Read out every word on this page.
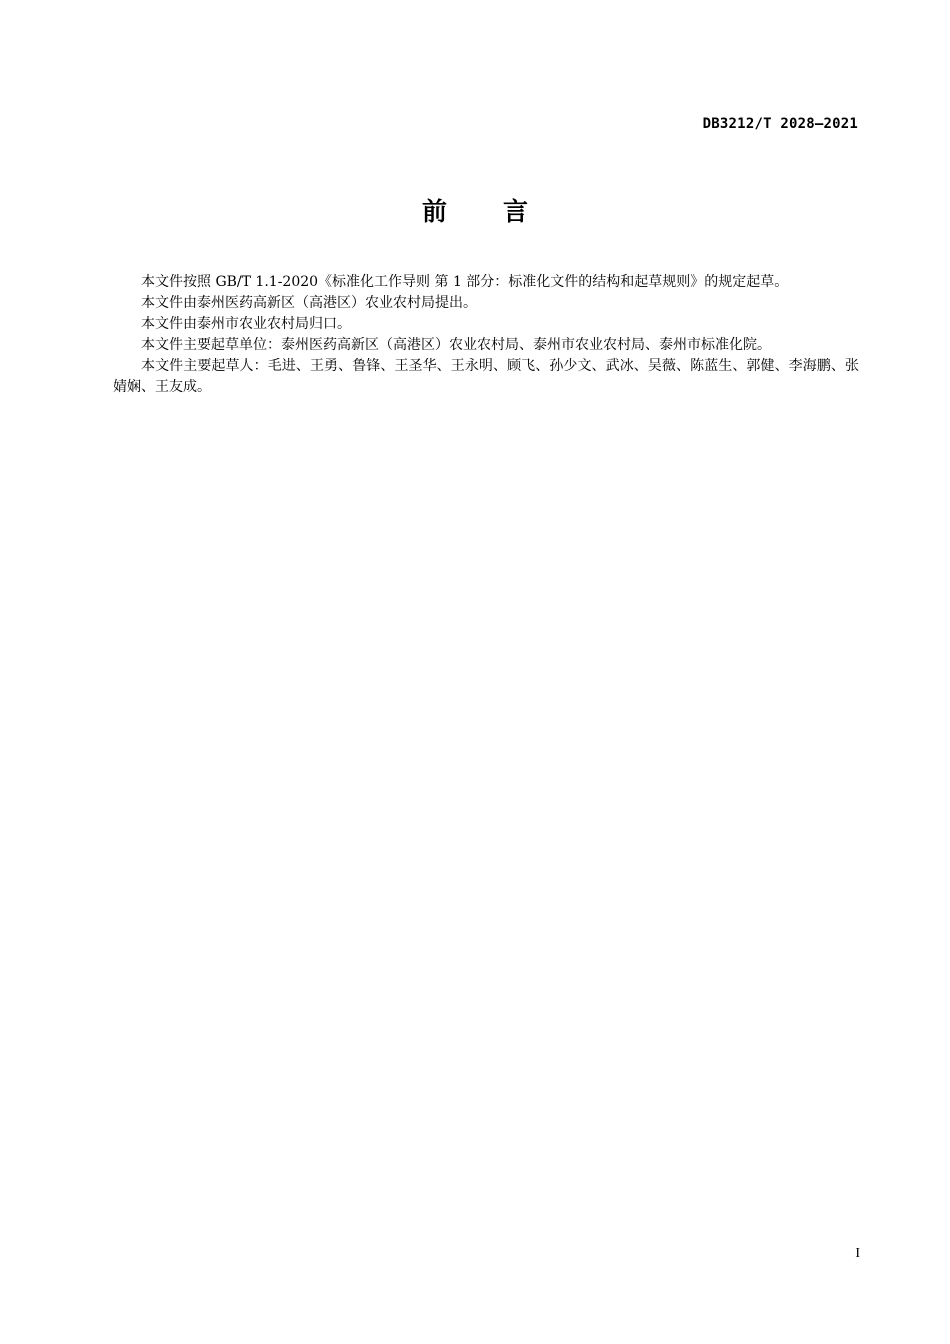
DB3212/T 2028—2021
前 言

本文件按照 GB/T 1.1-2020《标准化工作导则 第 1 部分：标准化文件的结构和起草规则》的规定起草。

本文件由泰州医药高新区（高港区）农业农村局提出。

本文件由泰州市农业农村局归口。

本文件主要起草单位：泰州医药高新区（高港区）农业农村局、泰州市农业农村局、泰州市标准化院。

本文件主要起草人：毛进、王勇、鲁锋、王圣华、王永明、顾飞、孙少文、武冰、吴薇、陈蓝生、郭健、李海鹏、张婧娴、王友成。

I
